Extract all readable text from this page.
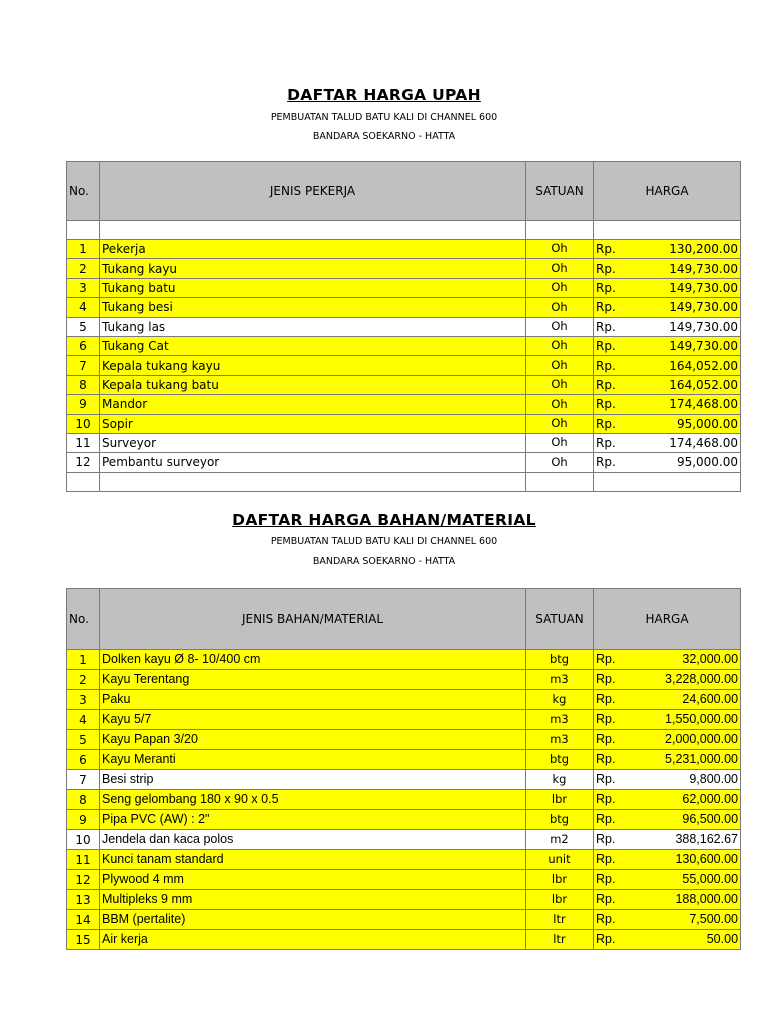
DAFTAR HARGA UPAH
PEMBUATAN TALUD BATU KALI DI CHANNEL 600
BANDARA SOEKARNO - HATTA
No.	JENIS PEKERJA	SATUAN	HARGA	

1	Pekerja	Oh	Rp.	130,200.00
2	Tukang kayu	Oh	Rp.	149,730.00
3	Tukang batu	Oh	Rp.	149,730.00
4	Tukang besi	Oh	Rp.	149,730.00
5	Tukang las	Oh	Rp.	149,730.00
6	Tukang Cat	Oh	Rp.	149,730.00
7	Kepala tukang kayu	Oh	Rp.	164,052.00
8	Kepala tukang batu	Oh	Rp.	164,052.00
9	Mandor	Oh	Rp.	174,468.00
10	Sopir	Oh	Rp.	95,000.00
11	Surveyor	Oh	Rp.	174,468.00
12	Pembantu surveyor	Oh	Rp.	95,000.00

DAFTAR HARGA BAHAN/MATERIAL
PEMBUATAN TALUD BATU KALI DI CHANNEL 600
BANDARA SOEKARNO - HATTA
No.	JENIS BAHAN/MATERIAL	SATUAN	HARGA	
1	Dolken kayu Ø 8- 10/400 cm	btg	Rp.	32,000.00
2	Kayu Terentang	m3	Rp.	3,228,000.00
3	Paku	kg	Rp.	24,600.00
4	Kayu 5/7	m3	Rp.	1,550,000.00
5	Kayu Papan 3/20	m3	Rp.	2,000,000.00
6	Kayu Meranti	btg	Rp.	5,231,000.00
7	Besi strip	kg	Rp.	9,800.00
8	Seng gelombang 180 x 90 x 0.5	lbr	Rp.	62,000.00
9	Pipa PVC (AW) : 2"	btg	Rp.	96,500.00
10	Jendela dan kaca polos	m2	Rp.	388,162.67
11	Kunci tanam standard	unit	Rp.	130,600.00
12	Plywood 4 mm	lbr	Rp.	55,000.00
13	Multipleks 9 mm	lbr	Rp.	188,000.00
14	BBM (pertalite)	ltr	Rp.	7,500.00
15	Air kerja	ltr	Rp.	50.00
